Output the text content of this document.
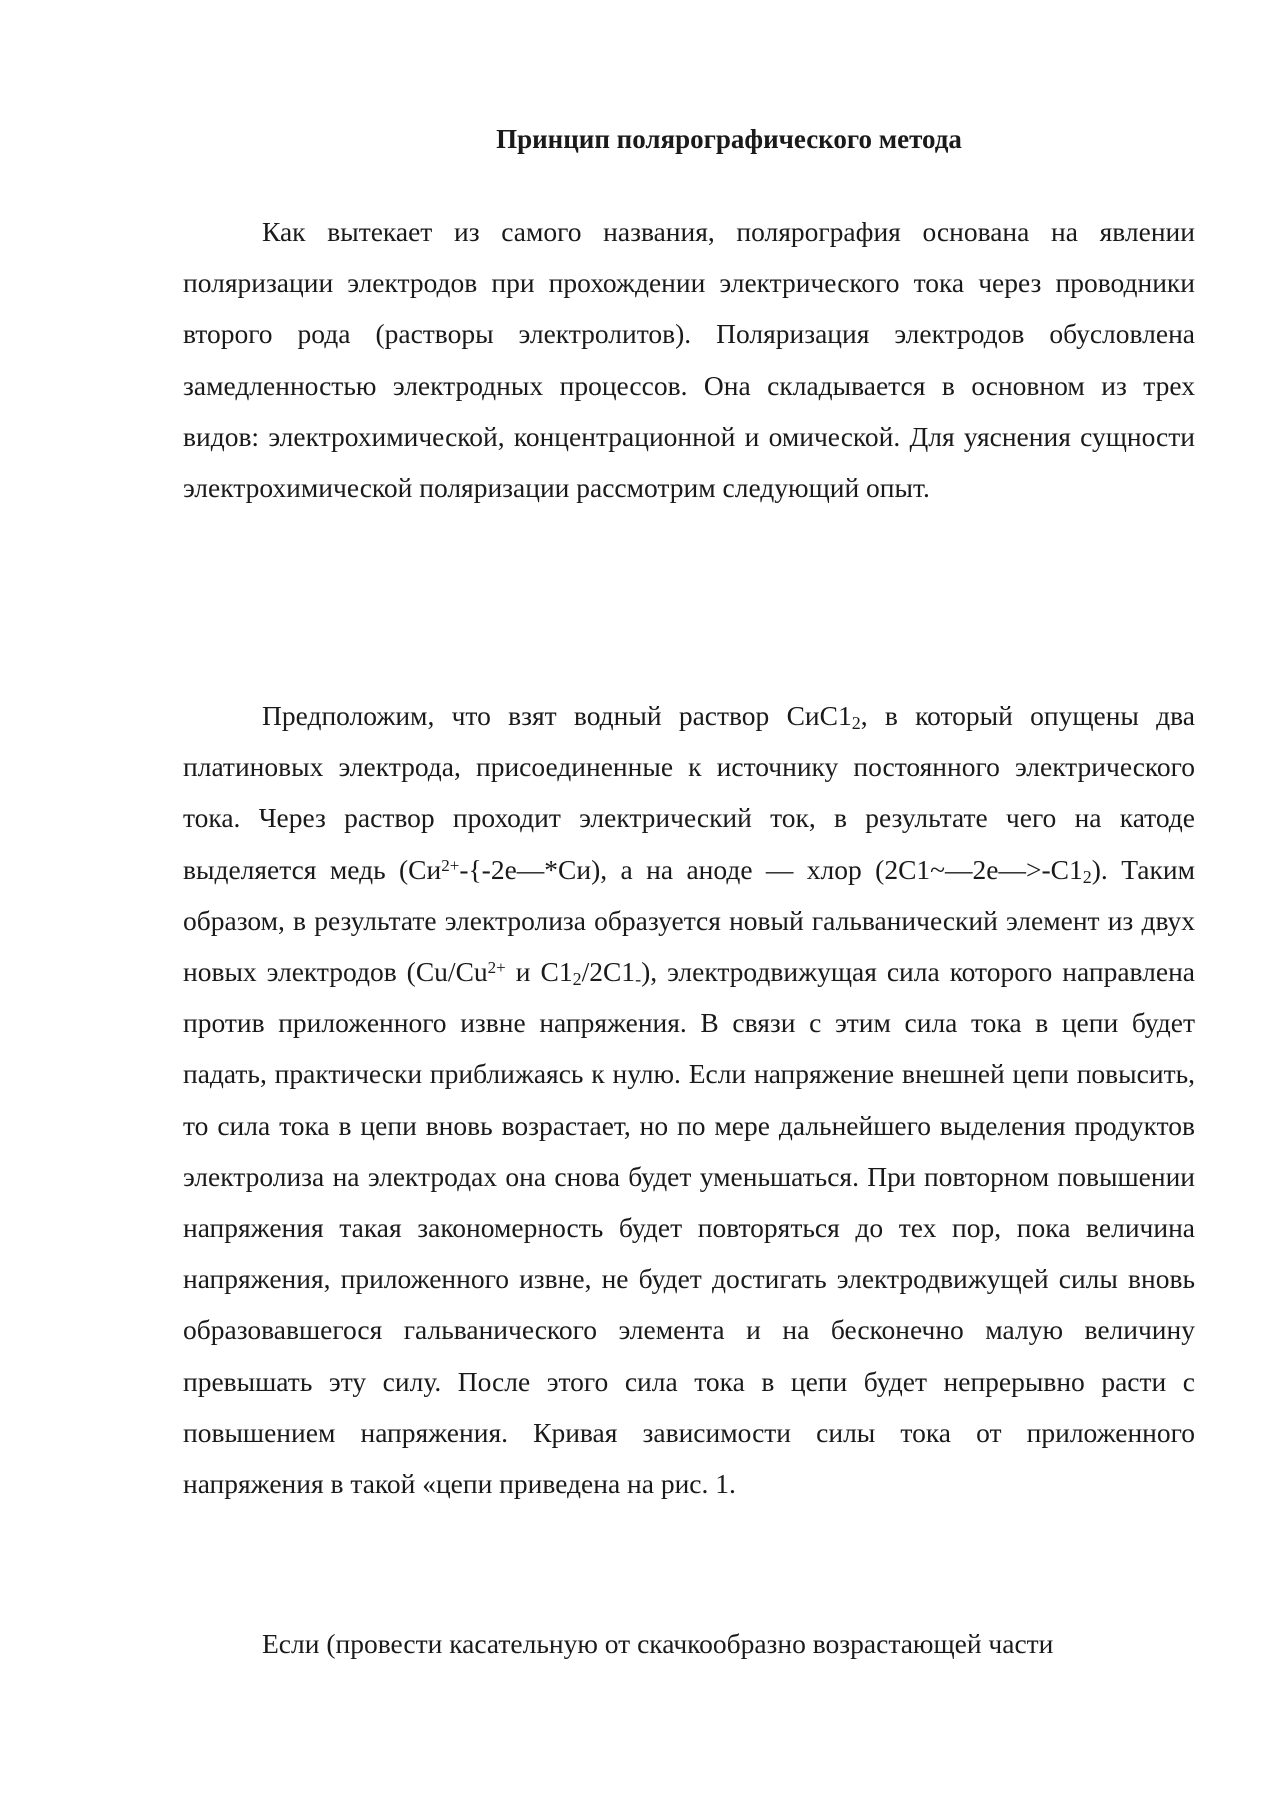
Принцип полярографического метода

Как вытекает из самого названия, полярография основана на явлении поляризации электродов при прохождении электрического тока через проводники второго рода (растворы электролитов). Поляризация электродов обусловлена замедленностью электродных процессов. Она складывается в основном из трех видов: электрохимической, концентрационной и омической. Для уяснения сущности электрохимической поляризации рассмотрим следующий опыт.

Предположим, что взят водный раствор $СиС1_2$, в который опущены два платиновых электрода, присоединенные к источнику постоянного электрического тока. Через раствор проходит электрический ток, в результате чего на катоде выделяется медь ($Си^{2+}-\{-2е—*Си)$, а на аноде — хлор $(2С1\sim—2е—>-С1_2)$. Таким образом, в результате электролиза образуется новый гальванический элемент из двух новых электродов ($Cu/Cu^{2+}$ и $С1_2/2С1_-$), электродвижущая сила которого направлена против приложенного извне напряжения. В связи с этим сила тока в цепи будет падать, практически приближаясь к нулю. Если напряжение внешней цепи повысить, то сила тока в цепи вновь возрастает, но по мере дальнейшего выделения продуктов электролиза на электродах она снова будет уменьшаться. При повторном повышении напряжения такая закономерность будет повторяться до тех пор, пока величина напряжения, приложенного извне, не будет достигать электродвижущей силы вновь образовавшегося гальванического элемента и на бесконечно малую величину превышать эту силу. После этого сила тока в цепи будет непрерывно расти с повышением напряжения. Кривая зависимости силы тока от приложенного напряжения в такой «цепи приведена на рис. 1.

Если (провести касательную от скачкообразно возрастающей части
